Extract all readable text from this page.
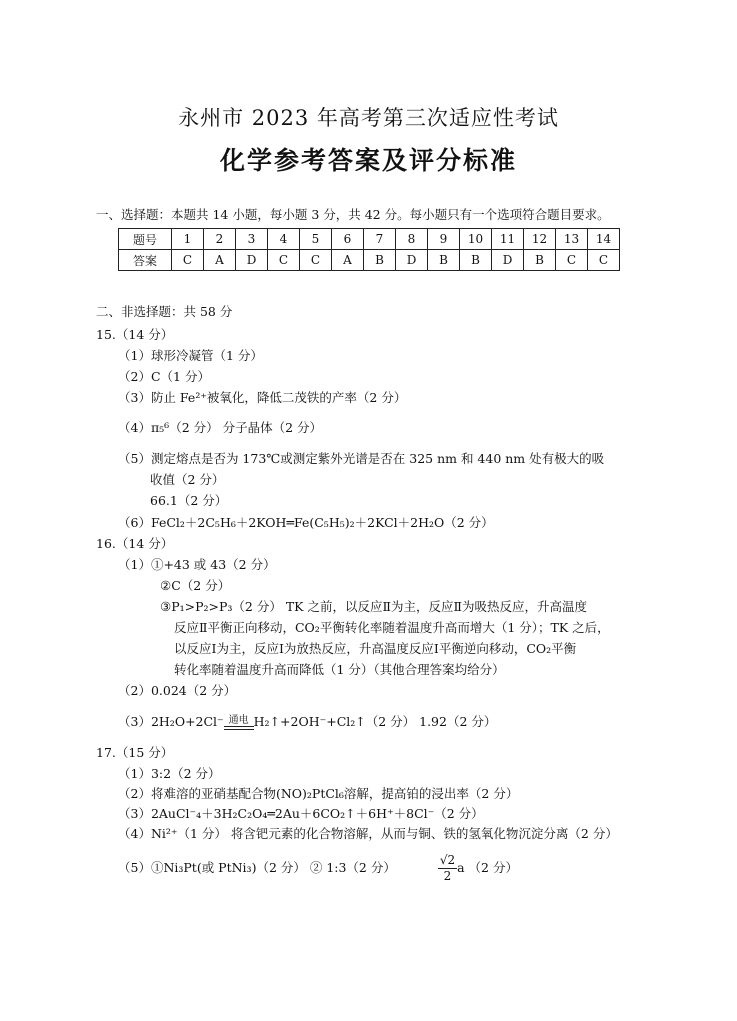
永州市 2023 年高考第三次适应性考试
化学参考答案及评分标准
一、选择题：本题共 14 小题，每小题 3 分，共 42 分。每小题只有一个选项符合题目要求。
题号	1	2	3	4	5	6	7	8	9	10	11	12	13	14
答案	C	A	D	C	C	A	B	D	B	B	D	B	C	C
二、非选择题：共 58 分
15.（14 分）
（1）球形冷凝管（1 分）
（2）C（1 分）
（3）防止 Fe²⁺被氧化，降低二茂铁的产率（2 分）
（4）π₅⁶（2 分） 分子晶体（2 分）
（5）测定熔点是否为 173℃或测定紫外光谱是否在 325 nm 和 440 nm 处有极大的吸
收值（2 分）
66.1（2 分）
（6）FeCl₂＋2C₅H₆＋2KOH═Fe(C₅H₅)₂＋2KCl＋2H₂O（2 分）
16.（14 分）
（1）①+43 或 43（2 分）
②C（2 分）
③P₁>P₂>P₃（2 分） TK 之前，以反应Ⅱ为主，反应Ⅱ为吸热反应，升高温度
反应Ⅱ平衡正向移动，CO₂平衡转化率随着温度升高而增大（1 分）；TK 之后，
以反应Ⅰ为主，反应Ⅰ为放热反应，升高温度反应Ⅰ平衡逆向移动，CO₂平衡
转化率随着温度升高而降低（1 分）（其他合理答案均给分）
（2）0.024（2 分）
（3）2H₂O+2Cl⁻ 通电 H₂↑+2OH⁻+Cl₂↑（2 分） 1.92（2 分）
17.（15 分）
（1）3:2（2 分）
（2）将难溶的亚硝基配合物(NO)₂PtCl₆溶解，提高铂的浸出率（2 分）
（3）2AuCl⁻₄＋3H₂C₂O₄═2Au＋6CO₂↑＋6H⁺＋8Cl⁻（2 分）
（4）Ni²⁺（1 分） 将含钯元素的化合物溶解，从而与铜、铁的氢氧化物沉淀分离（2 分）
（5）①Ni₃Pt(或 PtNi₃)（2 分） ② 1:3（2 分）	$\frac{√2}{2}$ a （2 分）
